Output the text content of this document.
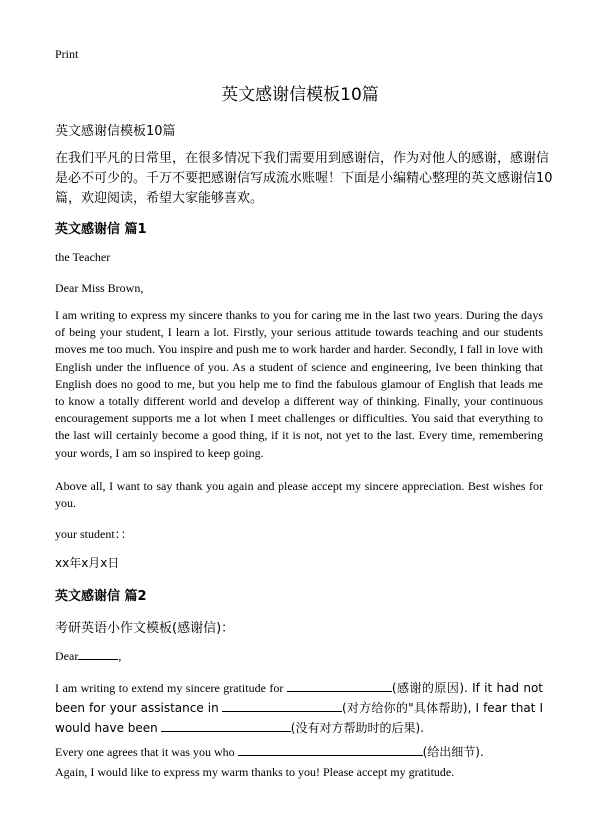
Print
英文感谢信模板10篇
英文感谢信模板10篇
在我们平凡的日常里，在很多情况下我们需要用到感谢信，作为对他人的感谢，感谢信是必不可少的。千万不要把感谢信写成流水账喔！下面是小编精心整理的英文感谢信10篇，欢迎阅读，希望大家能够喜欢。
英文感谢信 篇1
the Teacher
Dear Miss Brown,
I am writing to express my sincere thanks to you for caring me in the last two years. During the days of being your student, I learn a lot. Firstly, your serious attitude towards teaching and our students moves me too much. You inspire and push me to work harder and harder. Secondly, I fall in love with English under the influence of you. As a student of science and engineering, Ive been thinking that English does no good to me, but you help me to find the fabulous glamour of English that leads me to know a totally different world and develop a different way of thinking. Finally, your continuous encouragement supports me a lot when I meet challenges or difficulties. You said that everything to the last will certainly become a good thing, if it is not, not yet to the last. Every time, remembering your words, I am so inspired to keep going.
Above all, I want to say thank you again and please accept my sincere appreciation. Best wishes for you.
your student：：
xx年x月x日
英文感谢信 篇2
考研英语小作文模板(感谢信)：
Dear	,
I am writing to extend my sincere gratitude for	(感谢的原因). If it had not been for your assistance in	(对方给你的"具体帮助), I fear that I would have been	(没有对方帮助时的后果).
Every one agrees that it was you who	(给出细节).
Again, I would like to express my warm thanks to you! Please accept my gratitude.
